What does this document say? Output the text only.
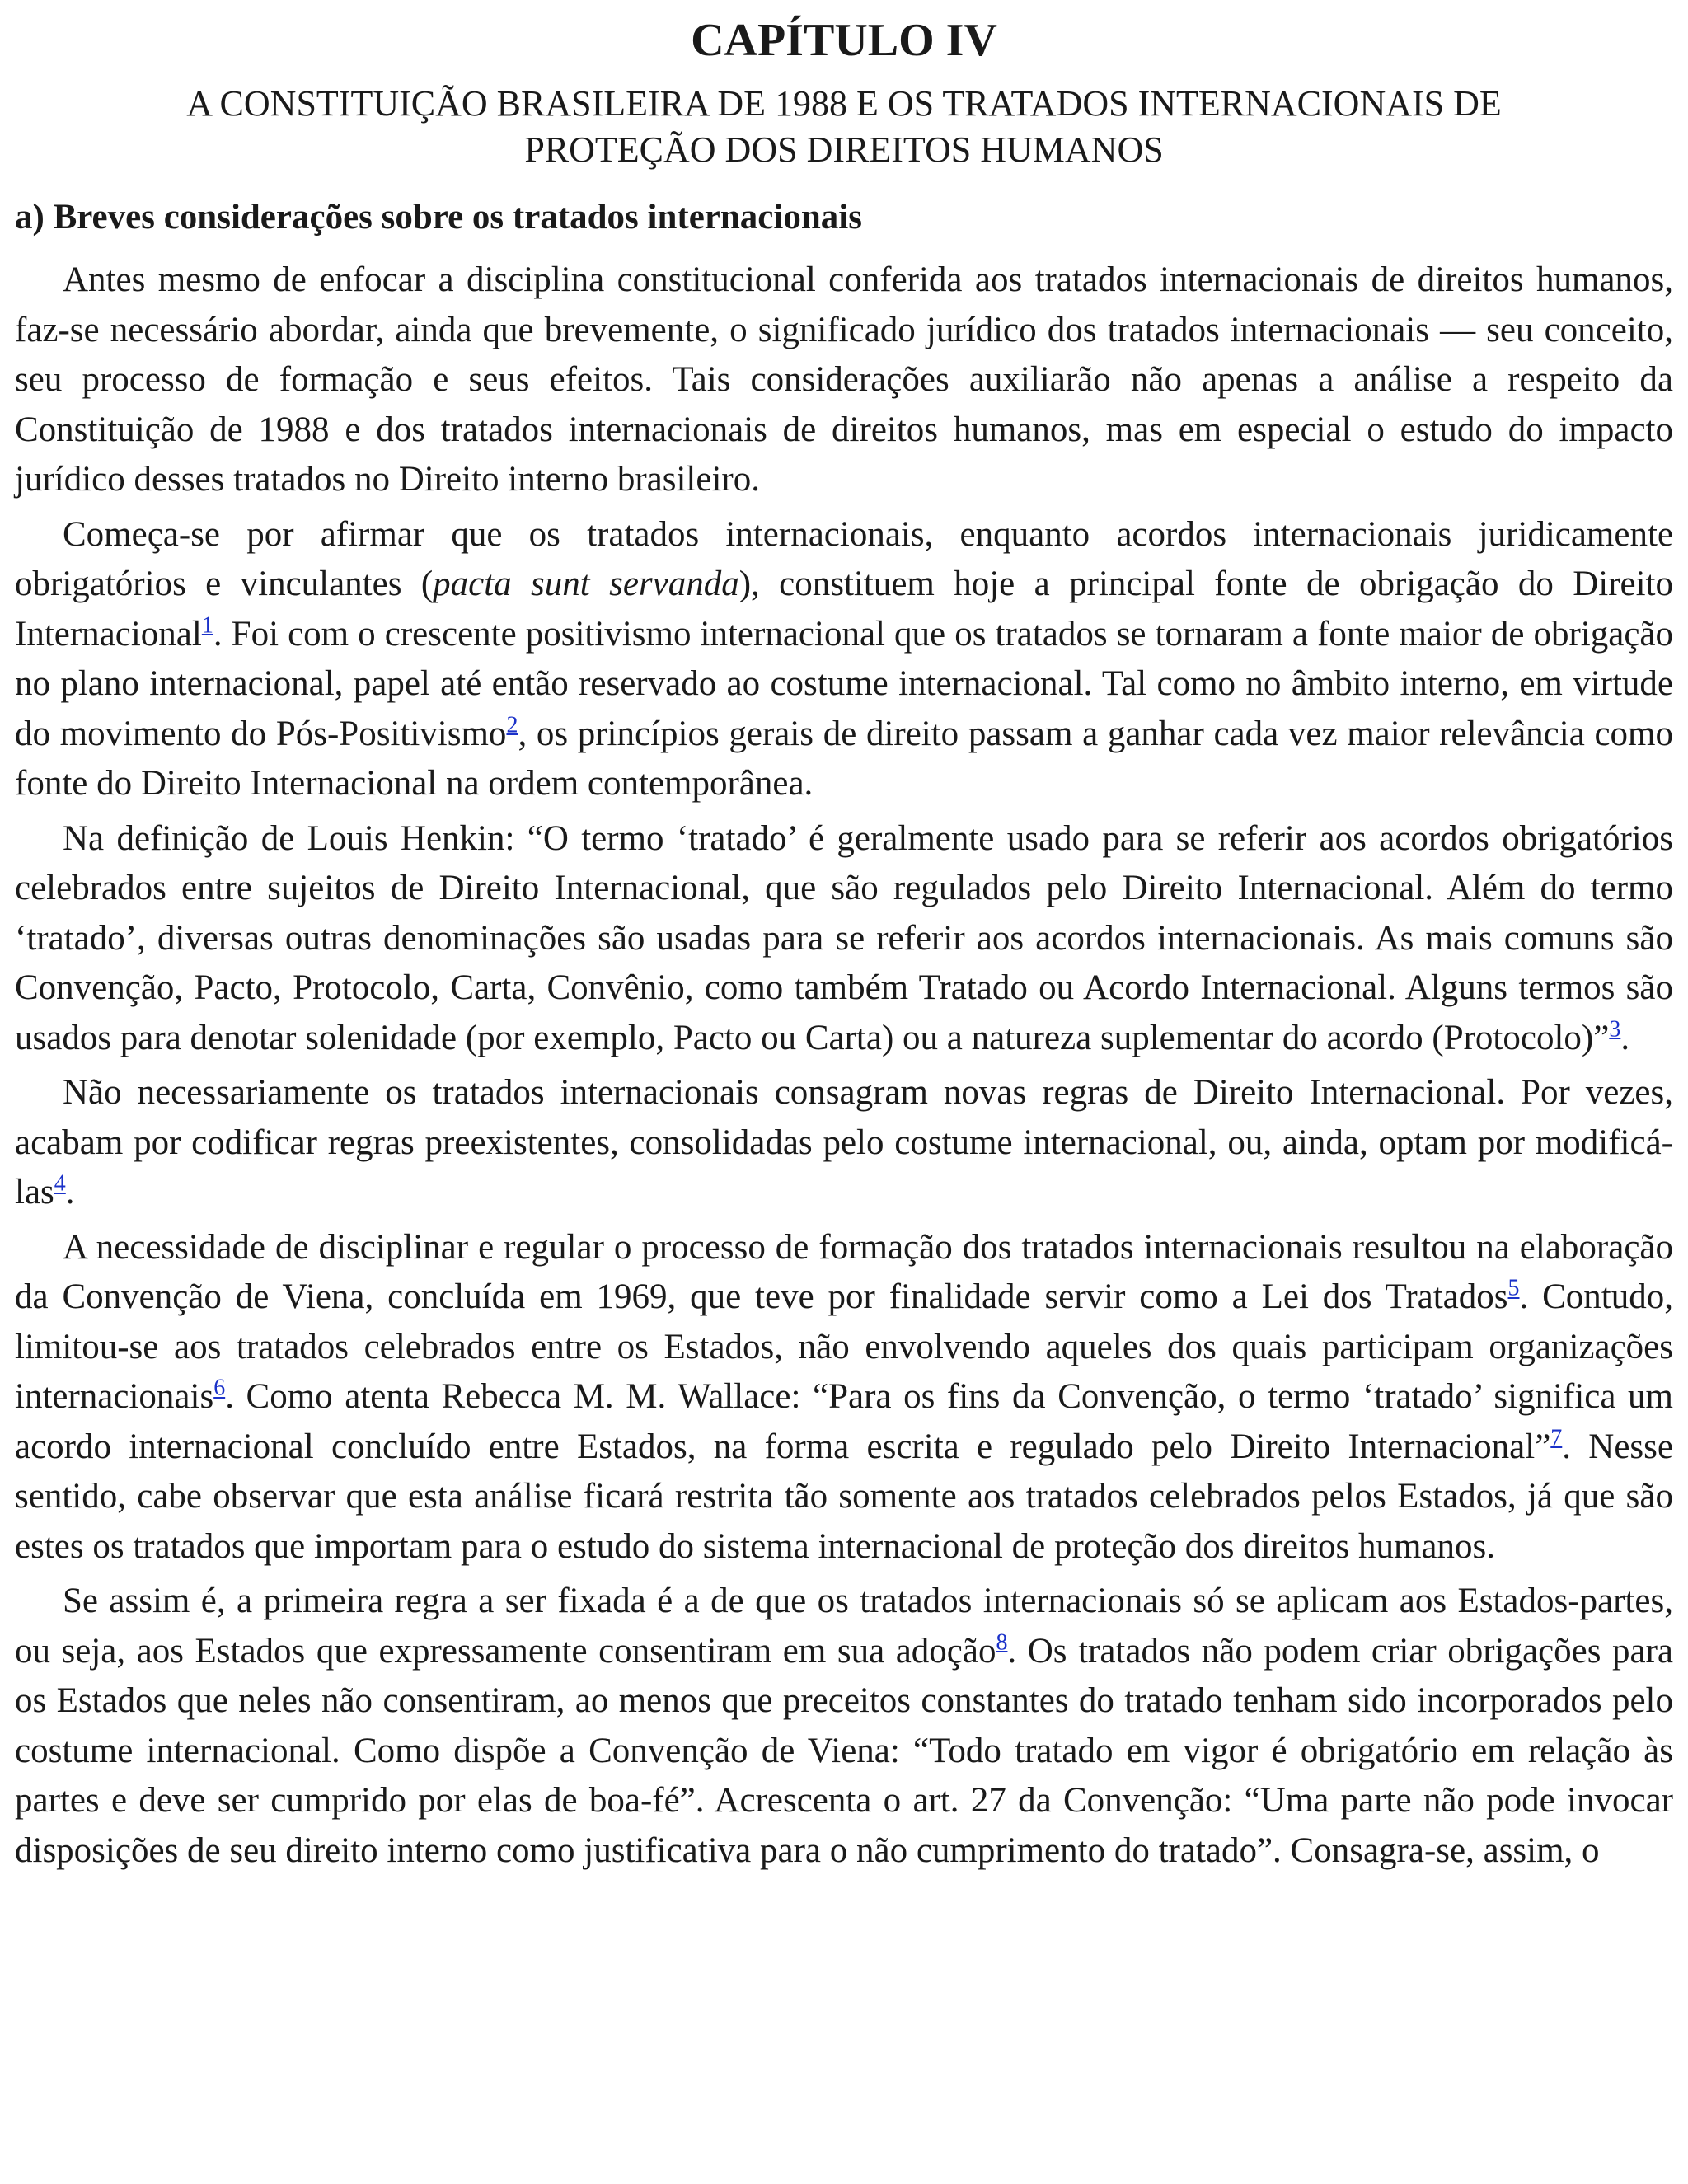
CAPÍTULO IV
A CONSTITUIÇÃO BRASILEIRA DE 1988 E OS TRATADOS INTERNACIONAIS DE
PROTEÇÃO DOS DIREITOS HUMANOS
a) Breves considerações sobre os tratados internacionais

Antes mesmo de enfocar a disciplina constitucional conferida aos tratados internacionais de direitos humanos, faz-se necessário abordar, ainda que brevemente, o significado jurídico dos tratados internacionais — seu conceito, seu processo de formação e seus efeitos. Tais considerações auxiliarão não apenas a análise a respeito da Constituição de 1988 e dos tratados internacionais de direitos humanos, mas em especial o estudo do impacto jurídico desses tratados no Direito interno brasileiro.

Começa-se por afirmar que os tratados internacionais, enquanto acordos internacionais juridicamente obrigatórios e vinculantes (pacta sunt servanda), constituem hoje a principal fonte de obrigação do Direito Internacional$^1$. Foi com o crescente positivismo internacional que os tratados se tornaram a fonte maior de obrigação no plano internacional, papel até então reservado ao costume internacional. Tal como no âmbito interno, em virtude do movimento do Pós-Positivismo$^2$, os princípios gerais de direito passam a ganhar cada vez maior relevância como fonte do Direito Internacional na ordem contemporânea.

Na definição de Louis Henkin: “O termo ‘tratado’ é geralmente usado para se referir aos acordos obrigatórios celebrados entre sujeitos de Direito Internacional, que são regulados pelo Direito Internacional. Além do termo ‘tratado’, diversas outras denominações são usadas para se referir aos acordos internacionais. As mais comuns são Convenção, Pacto, Protocolo, Carta, Convênio, como também Tratado ou Acordo Internacional. Alguns termos são usados para denotar solenidade (por exemplo, Pacto ou Carta) ou a natureza suplementar do acordo (Protocolo)”$^3$.

Não necessariamente os tratados internacionais consagram novas regras de Direito Internacional. Por vezes, acabam por codificar regras preexistentes, consolidadas pelo costume internacional, ou, ainda, optam por modificá-las$^4$.

A necessidade de disciplinar e regular o processo de formação dos tratados internacionais resultou na elaboração da Convenção de Viena, concluída em 1969, que teve por finalidade servir como a Lei dos Tratados$^5$. Contudo, limitou-se aos tratados celebrados entre os Estados, não envolvendo aqueles dos quais participam organizações internacionais$^6$. Como atenta Rebecca M. M. Wallace: “Para os fins da Convenção, o termo ‘tratado’ significa um acordo internacional concluído entre Estados, na forma escrita e regulado pelo Direito Internacional”$^7$. Nesse sentido, cabe observar que esta análise ficará restrita tão somente aos tratados celebrados pelos Estados, já que são estes os tratados que importam para o estudo do sistema internacional de proteção dos direitos humanos.

Se assim é, a primeira regra a ser fixada é a de que os tratados internacionais só se aplicam aos Estados-partes, ou seja, aos Estados que expressamente consentiram em sua adoção$^8$. Os tratados não podem criar obrigações para os Estados que neles não consentiram, ao menos que preceitos constantes do tratado tenham sido incorporados pelo costume internacional. Como dispõe a Convenção de Viena: “Todo tratado em vigor é obrigatório em relação às partes e deve ser cumprido por elas de boa-fé”. Acrescenta o art. 27 da Convenção: “Uma parte não pode invocar disposições de seu direito interno como justificativa para o não cumprimento do tratado”. Consagra-se, assim, o
